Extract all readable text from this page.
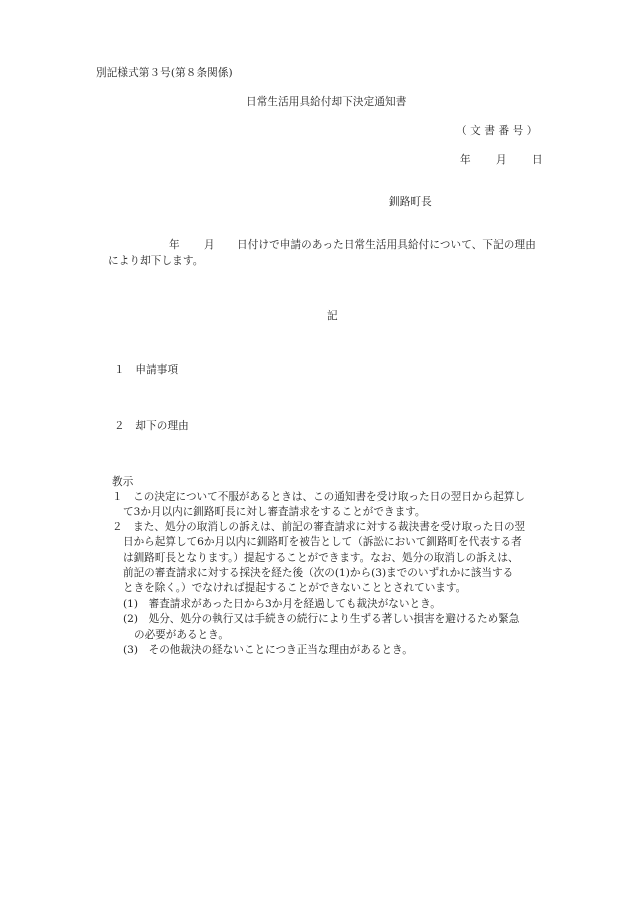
別記様式第３号(第８条関係)
日常生活用具給付却下決定通知書
（ 文 書 番 号 ）
年 月 日
釧路町長
年 月 日付けで申請のあった日常生活用具給付について、下記の理由
により却下します。
記
１　申請事項
２　却下の理由
教示
１　この決定について不服があるときは、この通知書を受け取った日の翌日から起算し
て3か月以内に釧路町長に対し審査請求をすることができます。
２　また、処分の取消しの訴えは、前記の審査請求に対する裁決書を受け取った日の翌
日から起算して6か月以内に釧路町を被告として（訴訟において釧路町を代表する者
は釧路町長となります。）提起することができます。なお、処分の取消しの訴えは、
前記の審査請求に対する採決を経た後（次の(1)から(3)までのいずれかに該当する
ときを除く。）でなければ提起することができないこととされています。
(1)　審査請求があった日から3か月を経過しても裁決がないとき。
(2)　処分、処分の執行又は手続きの続行により生ずる著しい損害を避けるため緊急
の必要があるとき。
(3)　その他裁決の経ないことにつき正当な理由があるとき。
